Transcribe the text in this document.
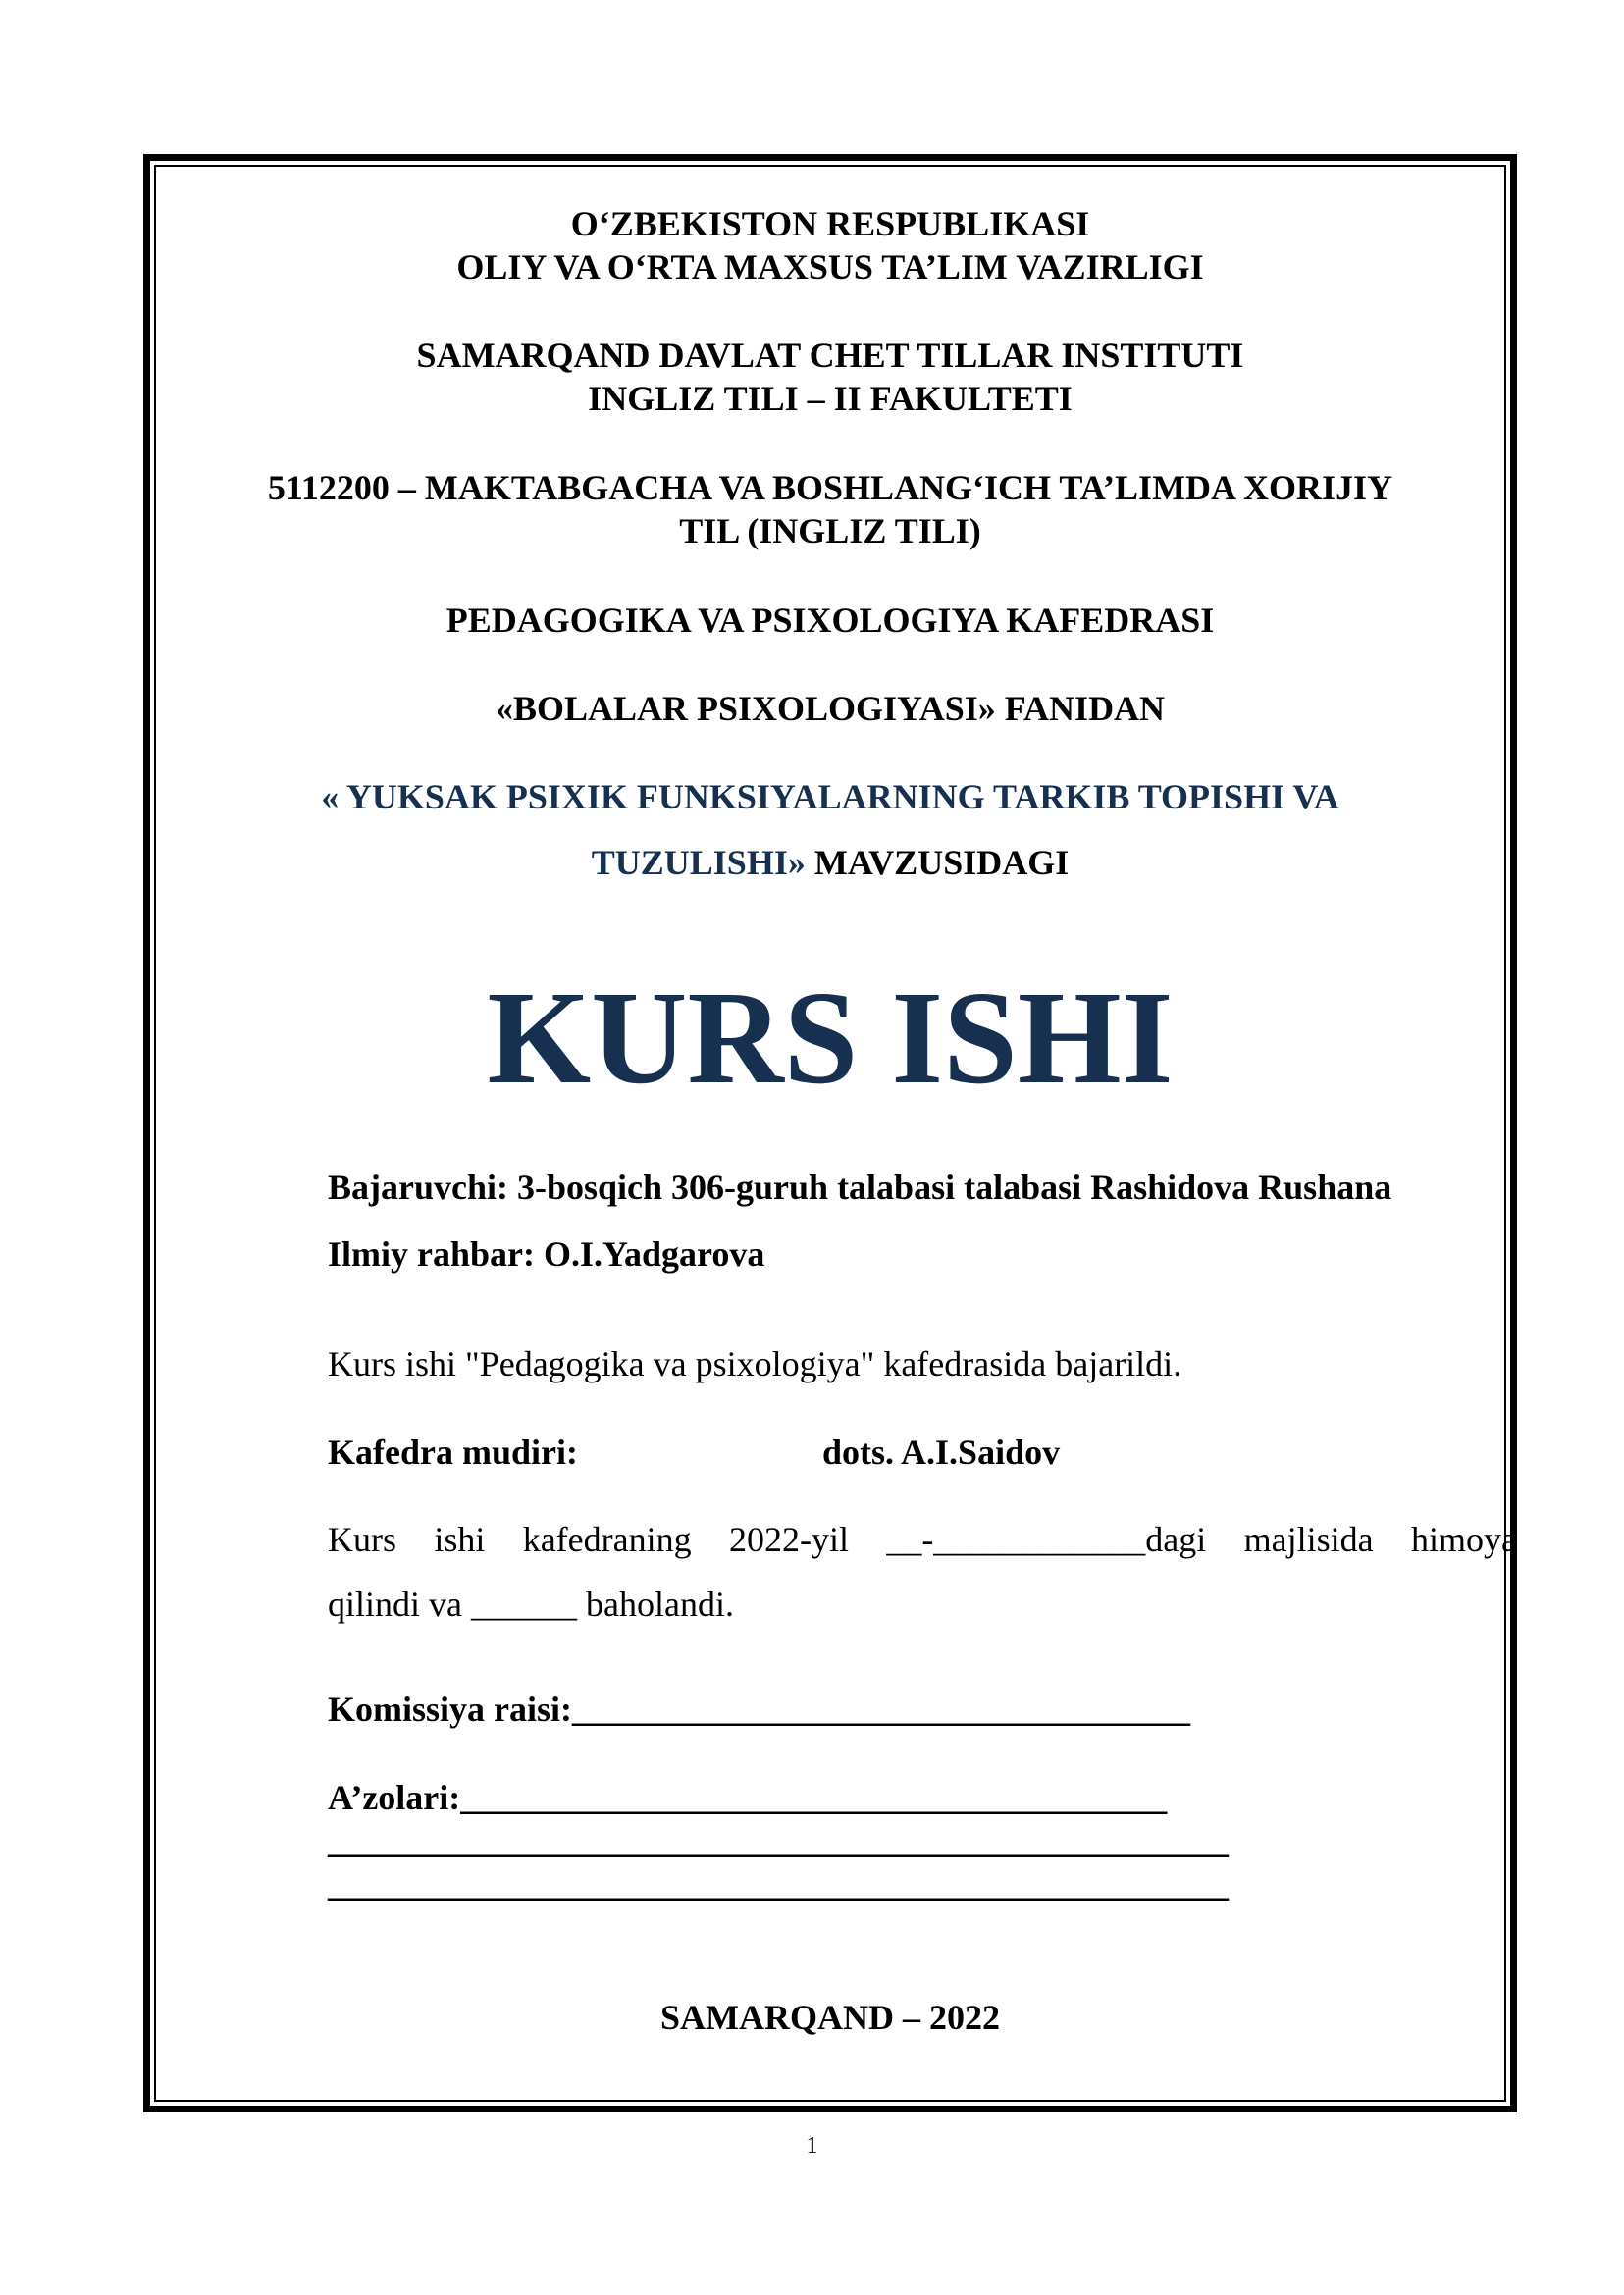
O‘ZBEKISTON RESPUBLIKASI
OLIY VA O‘RTA MAXSUS TA’LIM VAZIRLIGI
SAMARQAND DAVLAT CHET TILLAR INSTITUTI
INGLIZ TILI – II FAKULTETI
5112200 – MAKTABGACHA VA BOSHLANG‘ICH TA’LIMDA XORIJIY
TIL (INGLIZ TILI)
PEDAGOGIKA VA PSIXOLOGIYA KAFEDRASI
«BOLALAR PSIXOLOGIYASI» FANIDAN
« YUKSAK PSIXIK FUNKSIYALARNING TARKIB TOPISHI VA
TUZULISHI» MAVZUSIDAGI
KURS ISHI
Bajaruvchi: 3-bosqich 306-guruh talabasi talabasi Rashidova Rushana
Ilmiy rahbar: O.I.Yadgarova
Kurs ishi "Pedagogika va psixologiya" kafedrasida bajarildi.
Kafedra mudiri:	dots. A.I.Saidov
Kurs ishi kafedraning 2022-yil __-____________dagi majlisida himoya
qilindi va ______ baholandi.
Komissiya raisi:___________________________________
A’zolari:________________________________________
___________________________________________________
___________________________________________________
SAMARQAND – 2022
1
